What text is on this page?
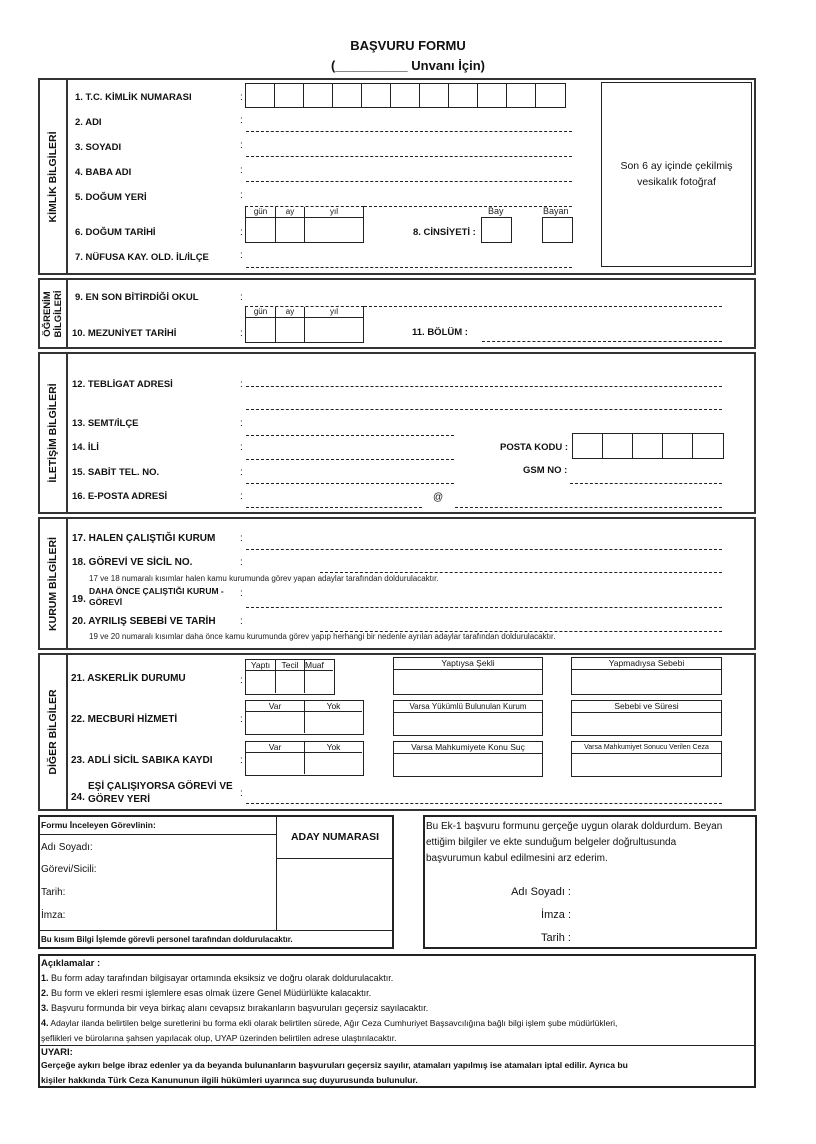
BAŞVURU FORMU
(__________ Unvanı İçin)
KİMLİK BİLGİLERİ
1. T.C. KİMLİK NUMARASI	:
2. ADI	:
3. SOYADI	:
4. BABA ADI	:
5. DOĞUM YERİ	:
6. DOĞUM TARİHİ	:
gün	ay	yıl
8. CİNSİYETİ :
Bay	Bayan
7. NÜFUSA KAY. OLD. İL/İLÇE	:
Son 6 ay içinde çekilmiş
vesikalık fotoğraf
ÖĞRENİM BİLGİLERİ 9. EN SON BİTİRDİĞİ OKUL	:
10. MEZUNİYET TARİHİ	:
gün	ay	yıl
11. BÖLÜM :
İLETİŞİM BİLGİLERİ 12. TEBLİGAT ADRESİ	:
13. SEMT/İLÇE	:
14. İLİ	:	POSTA KODU :
15. SABİT TEL. NO.	:	GSM NO :
16. E-POSTA ADRESİ	:	@
KURUM BİLGİLERİ 17. HALEN ÇALIŞTIĞI KURUM :
18. GÖREVİ VE SİCİL NO.	:
17 ve 18 numaralı kısımlar halen kamu kurumunda görev yapan adaylar tarafından doldurulacaktır.
19.
DAHA ÖNCE ÇALIŞTIĞI KURUM -
GÖREVİ
:
20. AYRILIŞ SEBEBİ VE TARİH :
19 ve 20 numaralı kısımlar daha önce kamu kurumunda görev yapıp herhangi bir nedenle ayrılan adaylar tarafından doldurulacaktır.
DİĞER BİLGİLER
21. ASKERLİK DURUMU	:
Yaptı	Tecil Muaf	Yaptıysa Şekli	Yapmadıysa Sebebi
22. MECBURİ HİZMETİ	:
Var	Yok	Varsa Yükümlü Bulunulan Kurum	Sebebi ve Süresi
23. ADLİ SİCİL SABIKA KAYDI	:
Var	Yok	Varsa Mahkumiyete Konu Suç	Varsa Mahkumiyet Sonucu Verilen Ceza
24.
EŞİ ÇALIŞIYORSA GÖREVİ VE
GÖREV YERİ
:
Formu İnceleyen Görevlinin:
Adı Soyadı:
Görevi/Sicili:
Tarih:
İmza:
Bu kısım Bilgi İşlemde görevli personel tarafından doldurulacaktır.
ADAY NUMARASI
Bu Ek-1 başvuru formunu gerçeğe uygun olarak doldurdum. Beyan
ettiğim bilgiler ve ekte sunduğum belgeler doğrultusunda
başvurumun kabul edilmesini arz ederim.
Adı Soyadı :
İmza :
Tarih :
Açıklamalar :
1. Bu form aday tarafından bilgisayar ortamında eksiksiz ve doğru olarak doldurulacaktır.
2. Bu form ve ekleri resmi işlemlere esas olmak üzere Genel Müdürlükte kalacaktır.
3. Başvuru formunda bir veya birkaç alanı cevapsız bırakanların başvuruları geçersiz sayılacaktır.
4. Adaylar ilanda belirtilen belge suretlerini bu forma ekli olarak belirtilen sürede, Ağır Ceza Cumhuriyet Başsavcılığına bağlı bilgi işlem şube müdürlükleri,
şeflikleri ve bürolarına şahsen yapılacak olup, UYAP üzerinden belirtilen adrese ulaştırılacaktır.
UYARI:
Gerçeğe aykırı belge ibraz edenler ya da beyanda bulunanların başvuruları geçersiz sayılır, atamaları yapılmış ise atamaları iptal edilir. Ayrıca bu
kişiler hakkında Türk Ceza Kanununun ilgili hükümleri uyarınca suç duyurusunda bulunulur.
